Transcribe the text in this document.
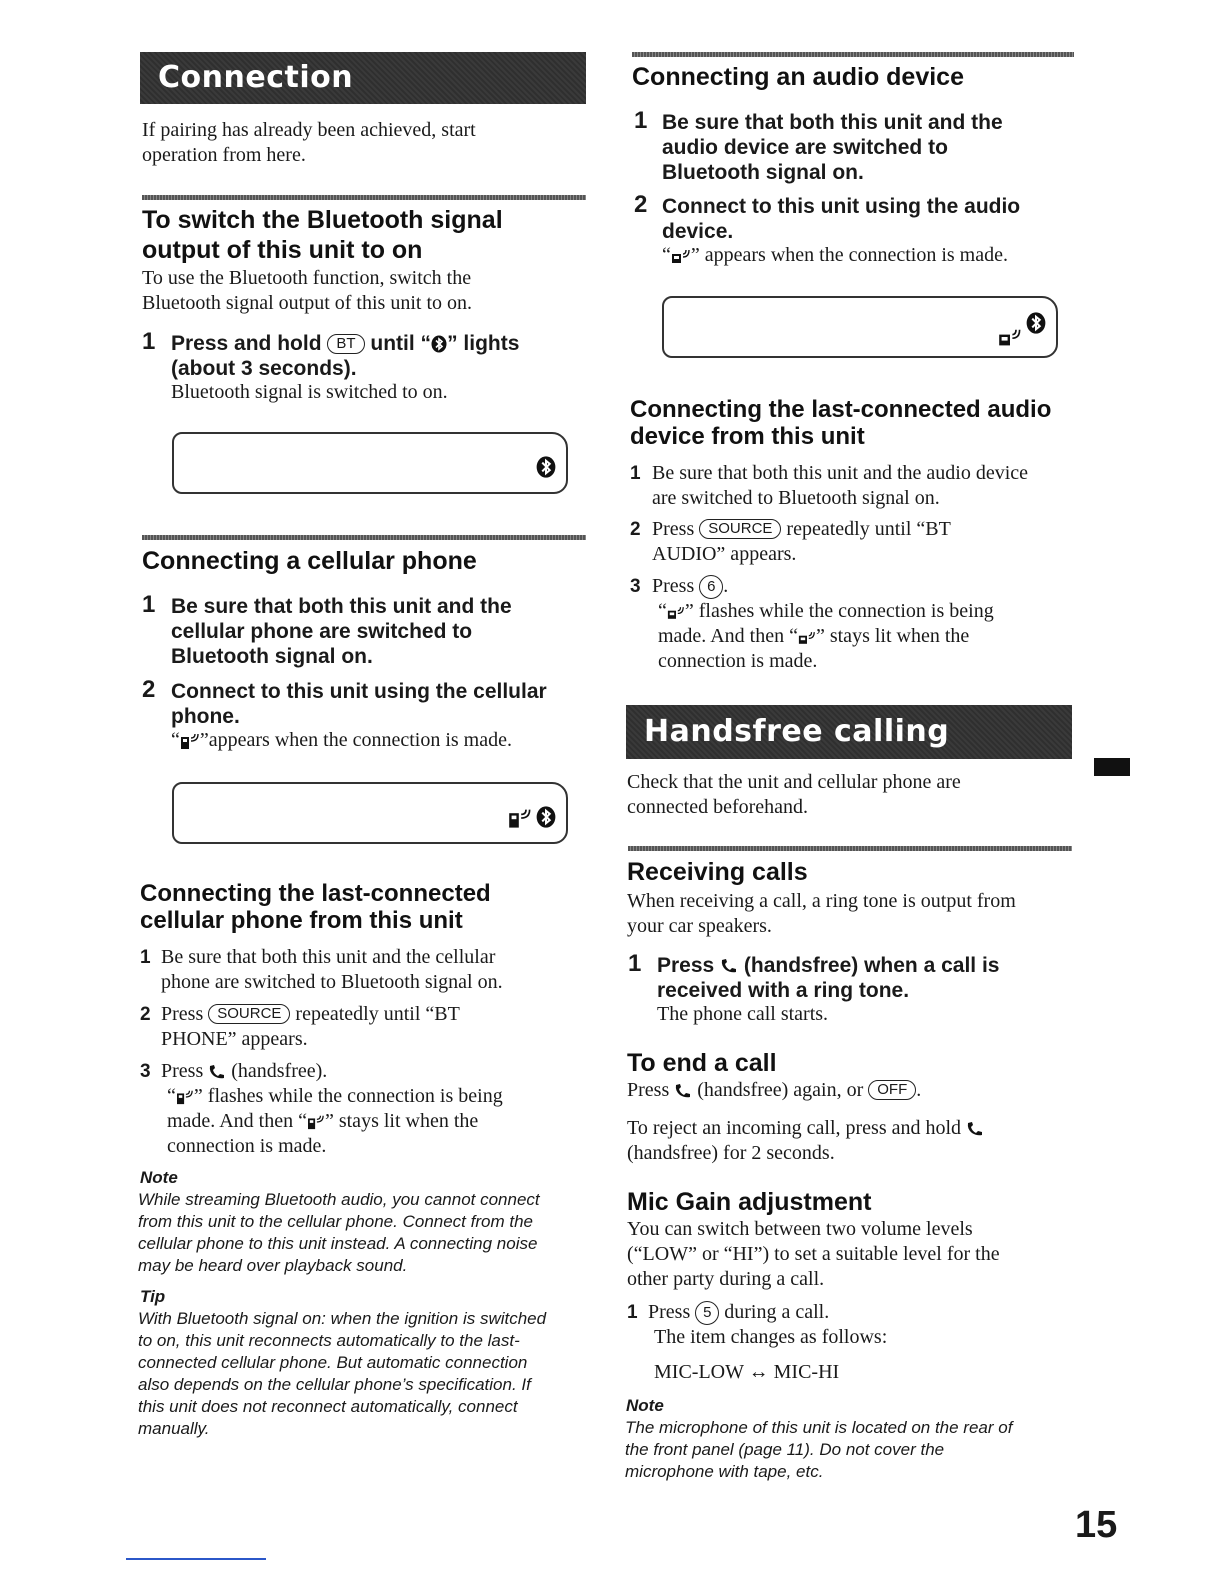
Connection
If pairing has already been achieved, start
operation from here.
To switch the Bluetooth signal
output of this unit to on
To use the Bluetooth function, switch the
Bluetooth signal output of this unit to on.
1 Press and hold BT until “ ” lights
(about 3 seconds).
Bluetooth signal is switched to on.
Connecting a cellular phone
1 Be sure that both this unit and the
cellular phone are switched to
Bluetooth signal on.
2 Connect to this unit using the cellular
phone.
“ ”appears when the connection is made.

Connecting the last-connected
cellular phone from this unit
1 Be sure that both this unit and the cellular
phone are switched to Bluetooth signal on.
2 Press SOURCE repeatedly until “BT
PHONE” appears.
3 Press (handsfree).
“ ” flashes while the connection is being
made. And then “ ” stays lit when the
connection is made.
Note
While streaming Bluetooth audio, you cannot connect
from this unit to the cellular phone. Connect from the
cellular phone to this unit instead. A connecting noise
may be heard over playback sound.
Tip
With Bluetooth signal on: when the ignition is switched
to on, this unit reconnects automatically to the last-
connected cellular phone. But automatic connection
also depends on the cellular phone’s specification. If
this unit does not reconnect automatically, connect
manually.
Connecting an audio device
1 Be sure that both this unit and the
audio device are switched to
Bluetooth signal on.
2 Connect to this unit using the audio
device.
“ ” appears when the connection is made.

Connecting the last-connected audio
device from this unit
1 Be sure that both this unit and the audio device
are switched to Bluetooth signal on.
2 Press SOURCE repeatedly until “BT
AUDIO” appears.
3 Press 6 .
“ ” flashes while the connection is being
made. And then “ ” stays lit when the
connection is made.
Handsfree calling
Check that the unit and cellular phone are
connected beforehand.
Receiving calls
When receiving a call, a ring tone is output from
your car speakers.
1 Press (handsfree) when a call is
received with a ring tone.
The phone call starts.
To end a call
Press (handsfree) again, or OFF .
To reject an incoming call, press and hold
(handsfree) for 2 seconds.
Mic Gain adjustment
You can switch between two volume levels
(“LOW” or “HI”) to set a suitable level for the
other party during a call.
1 Press 5 during a call.
The item changes as follows:
MIC-LOW ↔ MIC-HI
Note
The microphone of this unit is located on the rear of
the front panel (page 11). Do not cover the
microphone with tape, etc.
15
